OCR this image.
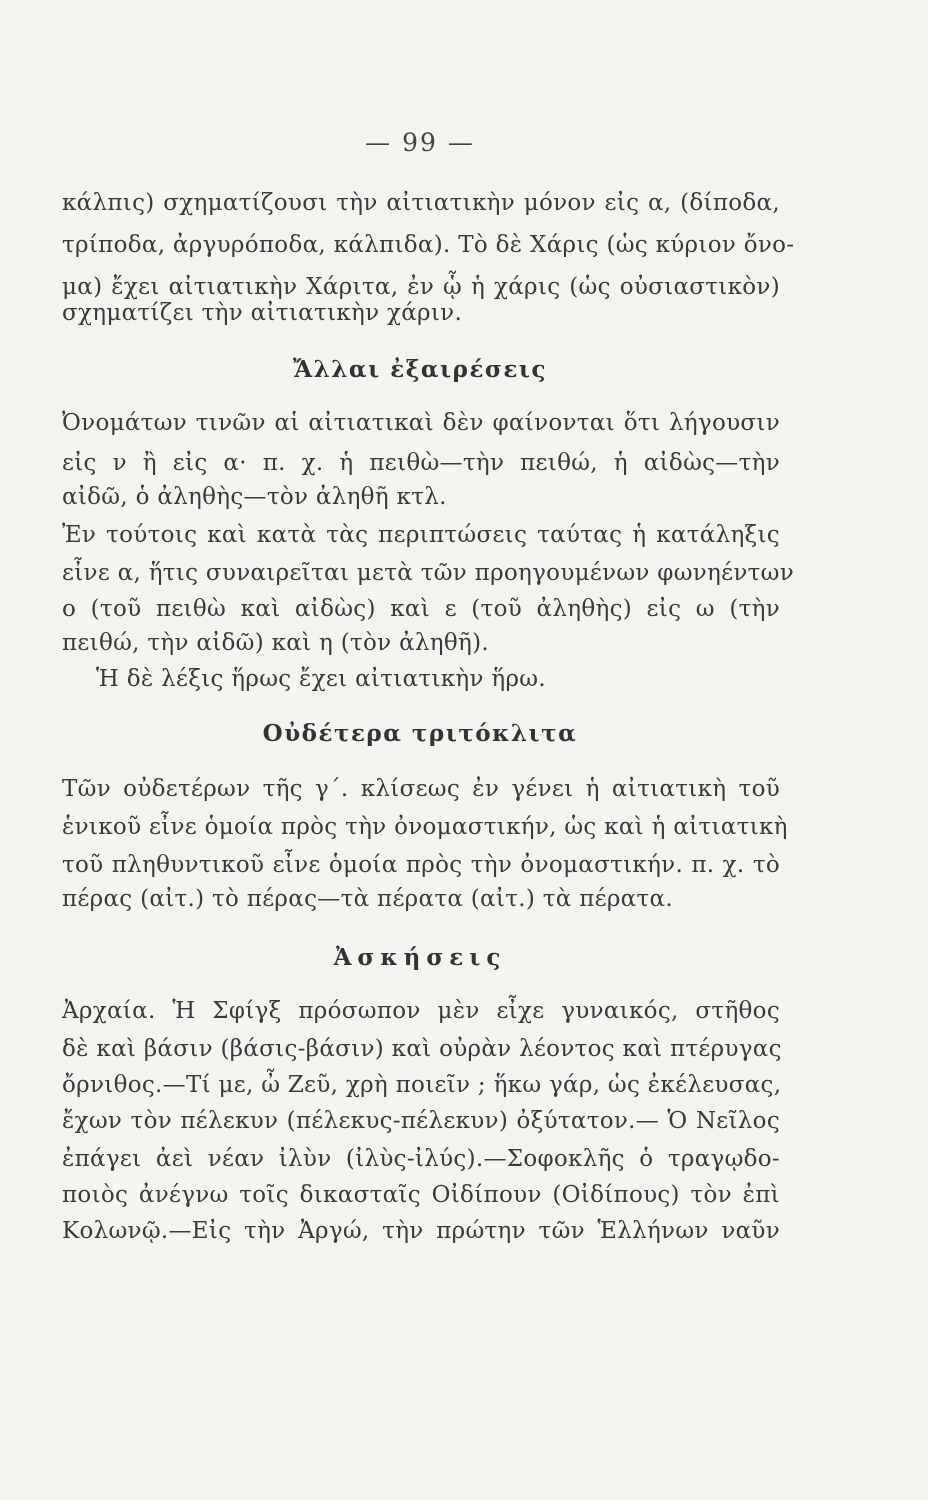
— 99 —
κάλπις) σχηματίζουσι τὴν αἰτιατικὴν μόνον εἰς α, (δίποδα,
τρίποδα, ἀργυρόποδα, κάλπιδα). Τὸ δὲ Χάρις (ὡς κύριον ὄνο-
μα) ἔχει αἰτιατικὴν Χάριτα, ἐν ᾧ ἡ χάρις (ὡς οὐσιαστικὸν)
σχηματίζει τὴν αἰτιατικὴν χάριν.
Ἄλλαι ἐξαιρέσεις
Ὀνομάτων τινῶν αἱ αἰτιατικαὶ δὲν φαίνονται ὅτι λήγουσιν
εἰς ν ἢ εἰς α· π. χ. ἡ πειθὼ—τὴν πειθώ, ἡ αἰδὼς—τὴν
αἰδῶ, ὁ ἀληθὴς—τὸν ἀληθῆ κτλ.
Ἐν τούτοις καὶ κατὰ τὰς περιπτώσεις ταύτας ἡ κατάληξις
εἶνε α, ἥτις συναιρεῖται μετὰ τῶν προηγουμένων φωνηέντων
ο (τοῦ πειθὼ καὶ αἰδὼς) καὶ ε (τοῦ ἀληθὴς) εἰς ω (τὴν
πειθώ, τὴν αἰδῶ) καὶ η (τὸν ἀληθῆ).
Ἡ δὲ λέξις ἥρως ἔχει αἰτιατικὴν ἥρω.
Οὐδέτερα τριτόκλιτα
Τῶν οὐδετέρων τῆς γ΄. κλίσεως ἐν γένει ἡ αἰτιατικὴ τοῦ
ἑνικοῦ εἶνε ὁμοία πρὸς τὴν ὀνομαστικήν, ὡς καὶ ἡ αἰτιατικὴ
τοῦ πληθυντικοῦ εἶνε ὁμοία πρὸς τὴν ὀνομαστικήν. π. χ. τὸ
πέρας (αἰτ.) τὸ πέρας—τὰ πέρατα (αἰτ.) τὰ πέρατα.
Ἀσκήσεις
Ἀρχαία. Ἡ Σφίγξ πρόσωπον μὲν εἶχε γυναικός, στῆθος
δὲ καὶ βάσιν (βάσις-βάσιν) καὶ οὐρὰν λέοντος καὶ πτέρυγας
ὄρνιθος.—Τί με, ὦ Ζεῦ, χρὴ ποιεῖν ; ἥκω γάρ, ὡς ἐκέλευσας,
ἔχων τὸν πέλεκυν (πέλεκυς-πέλεκυν) ὀξύτατον.— Ὁ Νεῖλος
ἐπάγει ἀεὶ νέαν ἰλὺν (ἰλὺς-ἰλύς).—Σοφοκλῆς ὁ τραγῳδο-
ποιὸς ἀνέγνω τοῖς δικασταῖς Οἰδίπουν (Οἰδίπους) τὸν ἐπὶ
Κολωνῷ.—Εἰς τὴν Ἀργώ, τὴν πρώτην τῶν Ἑλλήνων ναῦν
